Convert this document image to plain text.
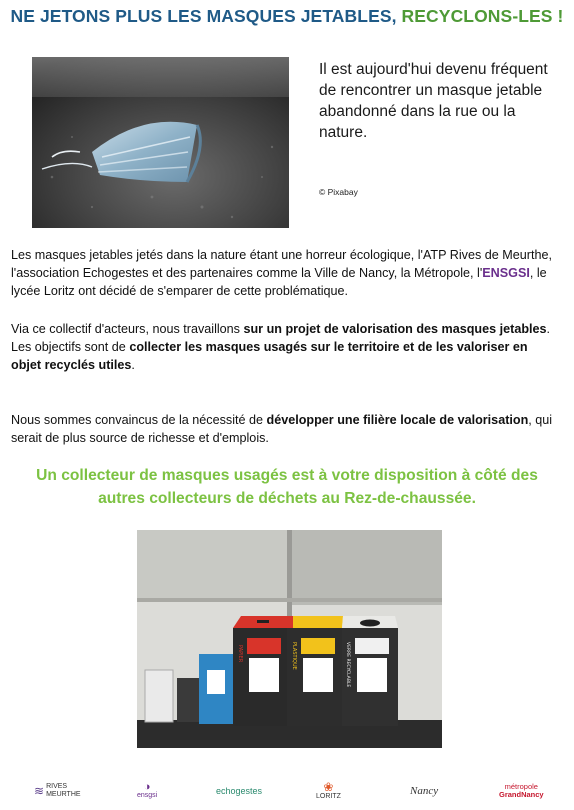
NE JETONS PLUS LES MASQUES JETABLES, RECYCLONS-LES !
Il est aujourd'hui devenu fréquent de rencontrer un masque jetable abandonné dans la rue ou la nature.
© Pixabay
Les masques jetables jetés dans la nature étant une horreur écologique, l'ATP Rives de Meurthe, l'association Echogestes et des partenaires comme la Ville de Nancy, la Métropole, l'ENSGSI, le lycée Loritz ont décidé de s'emparer de cette problématique.
Via ce collectif d'acteurs, nous travaillons sur un projet de valorisation des masques jetables.
Les objectifs sont de collecter les masques usagés sur le territoire et de les valoriser en objet recyclés utiles.
Nous sommes convaincus de la nécessité de développer une filière locale de valorisation, qui serait de plus source de richesse et d'emplois.
Un collecteur de masques usagés est à votre disposition à côté des
autres collecteurs de déchets au Rez-de-chaussée.
PAPIER	PLASTIQUE	VERRE RECYCLABLE
≋ RIVES
MEURTHE
◑
ensgsi	echogestes	❀
LORITZ	Nancy	métropole
GrandNancy
